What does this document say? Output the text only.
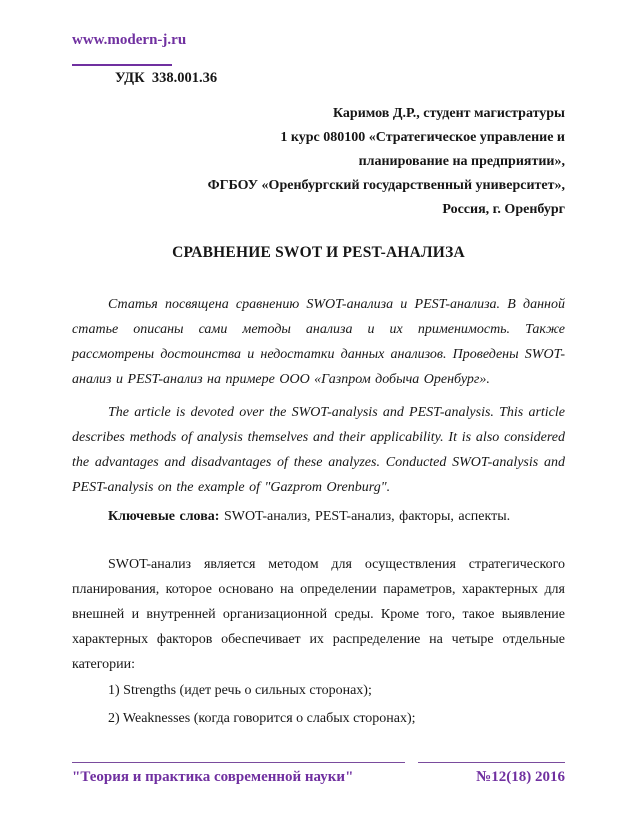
www.modern-j.ru
УДК  338.001.36
Каримов Д.Р., студент магистратуры
1 курс 080100 «Стратегическое управление и
планирование на предприятии»,
ФГБОУ «Оренбургский государственный университет»,
Россия, г. Оренбург
СРАВНЕНИЕ SWOT И PEST-АНАЛИЗА

Статья посвящена сравнению SWOT-анализа и PEST-анализа. В данной статье описаны сами методы анализа и их применимость. Также рассмотрены достоинства и недостатки данных анализов. Проведены SWOT-анализ и PEST-анализ на примере ООО «Газпром добыча Оренбург».

The article is devoted over the SWOT-analysis and PEST-analysis. This article describes methods of analysis themselves and their applicability. It is also considered the advantages and disadvantages of these analyzes. Conducted SWOT-analysis and PEST-analysis on the example of "Gazprom Orenburg".

Ключевые слова: SWOT-анализ, PEST-анализ, факторы, аспекты.

SWOT-анализ является методом для осуществления стратегического планирования, которое основано на определении параметров, характерных для внешней и внутренней организационной среды. Кроме того, такое выявление характерных факторов обеспечивает их распределение на четыре отдельные категории:

1) Strengths (идет речь о сильных сторонах);

2) Weaknesses (когда говорится о слабых сторонах);

"Теория и практика современной науки"	№12(18) 2016
